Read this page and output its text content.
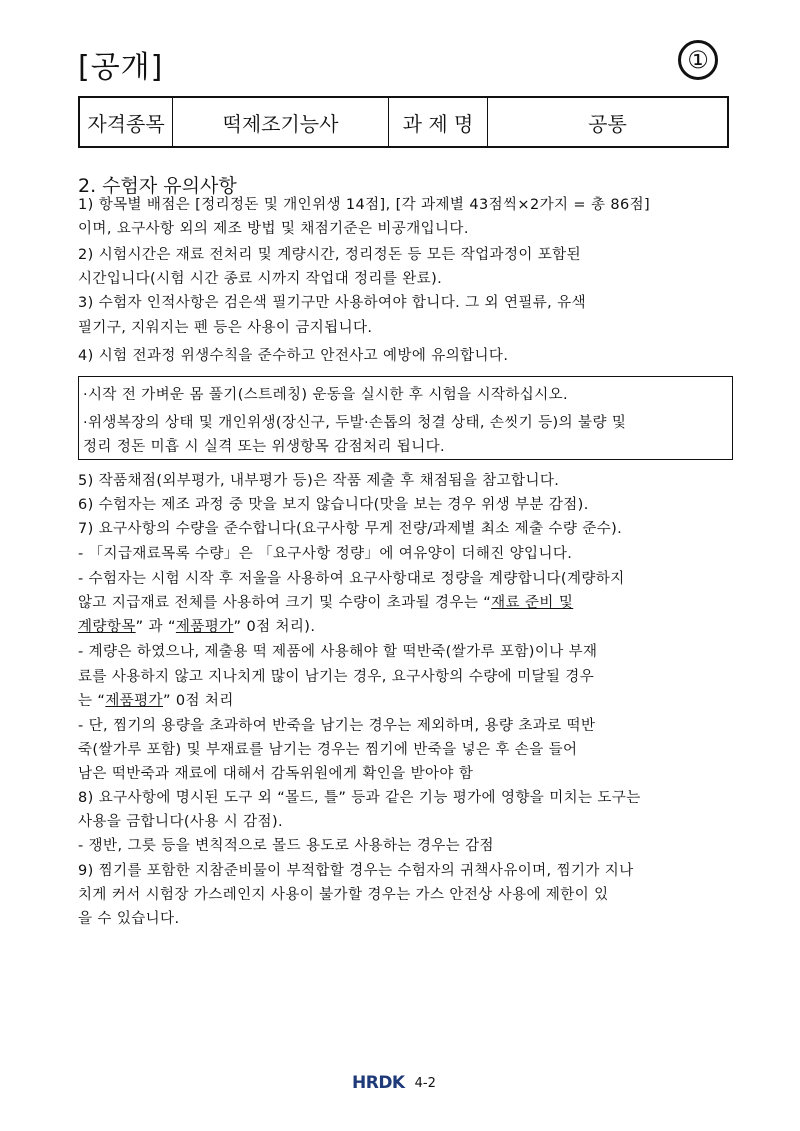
[공개]	①
자격종목	떡제조기능사	과 제 명	공통
2. 수험자 유의사항
1) 항목별 배점은 [정리정돈 및 개인위생 14점], [각 과제별 43점씩×2가지 = 총 86점]
이며, 요구사항 외의 제조 방법 및 채점기준은 비공개입니다.
2) 시험시간은 재료 전처리 및 계량시간, 정리정돈 등 모든 작업과정이 포함된
시간입니다(시험 시간 종료 시까지 작업대 정리를 완료).
3) 수험자 인적사항은 검은색 필기구만 사용하여야 합니다. 그 외 연필류, 유색
필기구, 지워지는 펜 등은 사용이 금지됩니다.
4) 시험 전과정 위생수칙을 준수하고 안전사고 예방에 유의합니다.
·시작 전 가벼운 몸 풀기(스트레칭) 운동을 실시한 후 시험을 시작하십시오.
·위생복장의 상태 및 개인위생(장신구, 두발·손톱의 청결 상태, 손씻기 등)의 불량 및
정리 정돈 미흡 시 실격 또는 위생항목 감점처리 됩니다.
5) 작품채점(외부평가, 내부평가 등)은 작품 제출 후 채점됨을 참고합니다.
6) 수험자는 제조 과정 중 맛을 보지 않습니다(맛을 보는 경우 위생 부분 감점).
7) 요구사항의 수량을 준수합니다(요구사항 무게 전량/과제별 최소 제출 수량 준수).
- 「지급재료목록 수량」은 「요구사항 정량」에 여유양이 더해진 양입니다.
- 수험자는 시험 시작 후 저울을 사용하여 요구사항대로 정량을 계량합니다(계량하지
않고 지급재료 전체를 사용하여 크기 및 수량이 초과될 경우는 “재료 준비 및
계량항목” 과 “제품평가” 0점 처리).
- 계량은 하였으나, 제출용 떡 제품에 사용해야 할 떡반죽(쌀가루 포함)이나 부재
료를 사용하지 않고 지나치게 많이 남기는 경우, 요구사항의 수량에 미달될 경우
는 “제품평가” 0점 처리
- 단, 찜기의 용량을 초과하여 반죽을 남기는 경우는 제외하며, 용량 초과로 떡반
죽(쌀가루 포함) 및 부재료를 남기는 경우는 찜기에 반죽을 넣은 후 손을 들어
남은 떡반죽과 재료에 대해서 감독위원에게 확인을 받아야 함
8) 요구사항에 명시된 도구 외 “몰드, 틀” 등과 같은 기능 평가에 영향을 미치는 도구는
사용을 금합니다(사용 시 감점).
- 쟁반, 그릇 등을 변칙적으로 몰드 용도로 사용하는 경우는 감점
9) 찜기를 포함한 지참준비물이 부적합할 경우는 수험자의 귀책사유이며, 찜기가 지나
치게 커서 시험장 가스레인지 사용이 불가할 경우는 가스 안전상 사용에 제한이 있
을 수 있습니다.
HRDK 4-2
